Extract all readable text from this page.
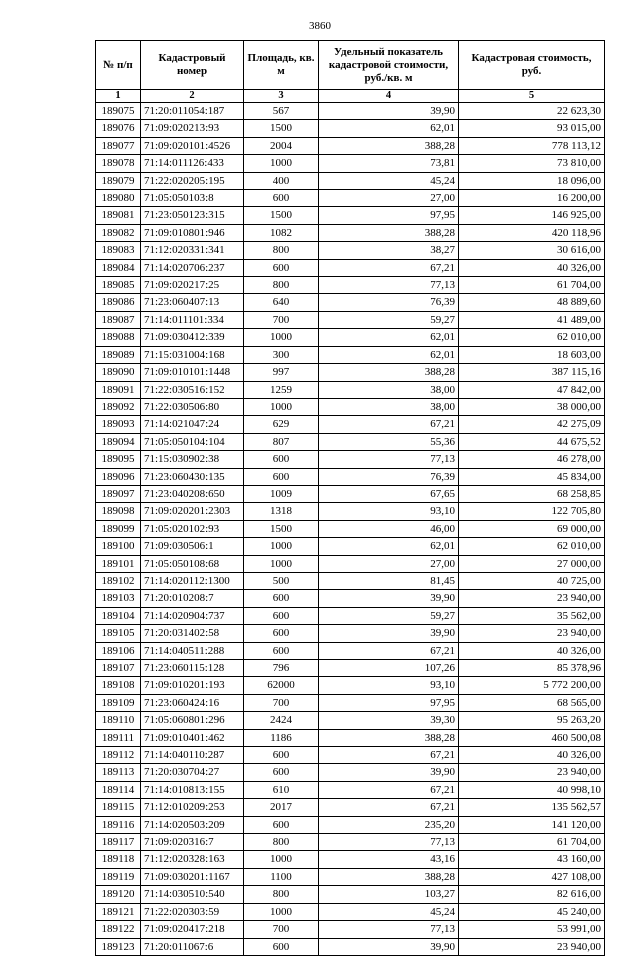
3860
№ п/п	Кадастровый номер	Площадь, кв. м	Удельный показатель кадастровой стоимости, руб./кв. м	Кадастровая стоимость, руб.
1	2	3	4	5
189075	71:20:011054:187	567	39,90	22 623,30
189076	71:09:020213:93	1500	62,01	93 015,00
189077	71:09:020101:4526	2004	388,28	778 113,12
189078	71:14:011126:433	1000	73,81	73 810,00
189079	71:22:020205:195	400	45,24	18 096,00
189080	71:05:050103:8	600	27,00	16 200,00
189081	71:23:050123:315	1500	97,95	146 925,00
189082	71:09:010801:946	1082	388,28	420 118,96
189083	71:12:020331:341	800	38,27	30 616,00
189084	71:14:020706:237	600	67,21	40 326,00
189085	71:09:020217:25	800	77,13	61 704,00
189086	71:23:060407:13	640	76,39	48 889,60
189087	71:14:011101:334	700	59,27	41 489,00
189088	71:09:030412:339	1000	62,01	62 010,00
189089	71:15:031004:168	300	62,01	18 603,00
189090	71:09:010101:1448	997	388,28	387 115,16
189091	71:22:030516:152	1259	38,00	47 842,00
189092	71:22:030506:80	1000	38,00	38 000,00
189093	71:14:021047:24	629	67,21	42 275,09
189094	71:05:050104:104	807	55,36	44 675,52
189095	71:15:030902:38	600	77,13	46 278,00
189096	71:23:060430:135	600	76,39	45 834,00
189097	71:23:040208:650	1009	67,65	68 258,85
189098	71:09:020201:2303	1318	93,10	122 705,80
189099	71:05:020102:93	1500	46,00	69 000,00
189100	71:09:030506:1	1000	62,01	62 010,00
189101	71:05:050108:68	1000	27,00	27 000,00
189102	71:14:020112:1300	500	81,45	40 725,00
189103	71:20:010208:7	600	39,90	23 940,00
189104	71:14:020904:737	600	59,27	35 562,00
189105	71:20:031402:58	600	39,90	23 940,00
189106	71:14:040511:288	600	67,21	40 326,00
189107	71:23:060115:128	796	107,26	85 378,96
189108	71:09:010201:193	62000	93,10	5 772 200,00
189109	71:23:060424:16	700	97,95	68 565,00
189110	71:05:060801:296	2424	39,30	95 263,20
189111	71:09:010401:462	1186	388,28	460 500,08
189112	71:14:040110:287	600	67,21	40 326,00
189113	71:20:030704:27	600	39,90	23 940,00
189114	71:14:010813:155	610	67,21	40 998,10
189115	71:12:010209:253	2017	67,21	135 562,57
189116	71:14:020503:209	600	235,20	141 120,00
189117	71:09:020316:7	800	77,13	61 704,00
189118	71:12:020328:163	1000	43,16	43 160,00
189119	71:09:030201:1167	1100	388,28	427 108,00
189120	71:14:030510:540	800	103,27	82 616,00
189121	71:22:020303:59	1000	45,24	45 240,00
189122	71:09:020417:218	700	77,13	53 991,00
189123	71:20:011067:6	600	39,90	23 940,00
